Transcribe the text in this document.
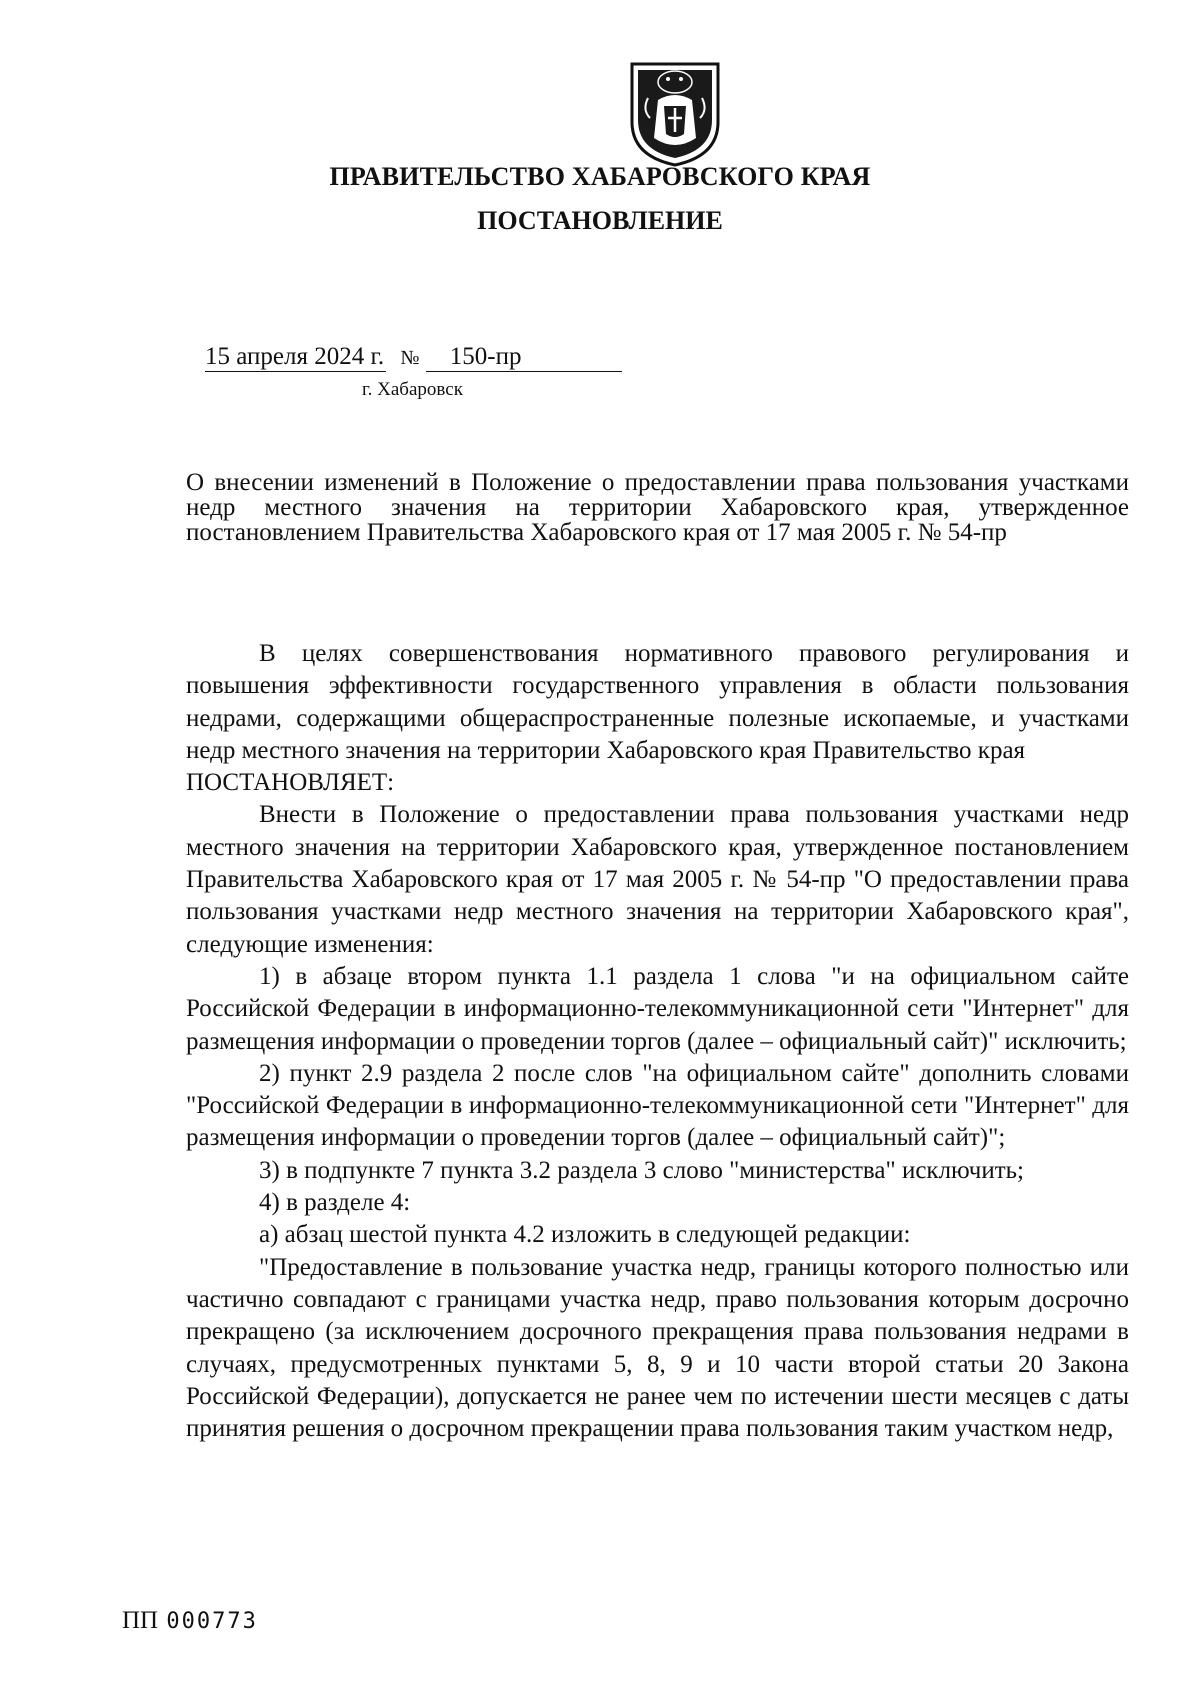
ПРАВИТЕЛЬСТВО ХАБАРОВСКОГО КРАЯ
ПОСТАНОВЛЕНИЕ
15 апреля 2024 г. № 150-пр
г. Хабаровск
О внесении изменений в Положение о предоставлении права пользования участками недр местного значения на территории Хабаровского края, утвержденное постановлением Правительства Хабаровского края от 17 мая 2005 г. № 54-пр

В целях совершенствования нормативного правового регулирования и повышения эффективности государственного управления в области пользования недрами, содержащими общераспространенные полезные ископаемые, и участками недр местного значения на территории Хабаровского края Правительство края

ПОСТАНОВЛЯЕТ:

Внести в Положение о предоставлении права пользования участками недр местного значения на территории Хабаровского края, утвержденное постановлением Правительства Хабаровского края от 17 мая 2005 г. № 54-пр "О предоставлении права пользования участками недр местного значения на территории Хабаровского края", следующие изменения:

1) в абзаце втором пункта 1.1 раздела 1 слова "и на официальном сайте Российской Федерации в информационно-телекоммуникационной сети "Интернет" для размещения информации о проведении торгов (далее – официальный сайт)" исключить;

2) пункт 2.9 раздела 2 после слов "на официальном сайте" дополнить словами "Российской Федерации в информационно-телекоммуникационной сети "Интернет" для размещения информации о проведении торгов (далее – официальный сайт)";

3) в подпункте 7 пункта 3.2 раздела 3 слово "министерства" исключить;

4) в разделе 4:

а) абзац шестой пункта 4.2 изложить в следующей редакции:

"Предоставление в пользование участка недр, границы которого полностью или частично совпадают с границами участка недр, право пользования которым досрочно прекращено (за исключением досрочного прекращения права пользования недрами в случаях, предусмотренных пунктами 5, 8, 9 и 10 части второй статьи 20 Закона Российской Федерации), допускается не ранее чем по истечении шести месяцев с даты принятия решения о досрочном прекращении права пользования таким участком недр,

ПП 000773
